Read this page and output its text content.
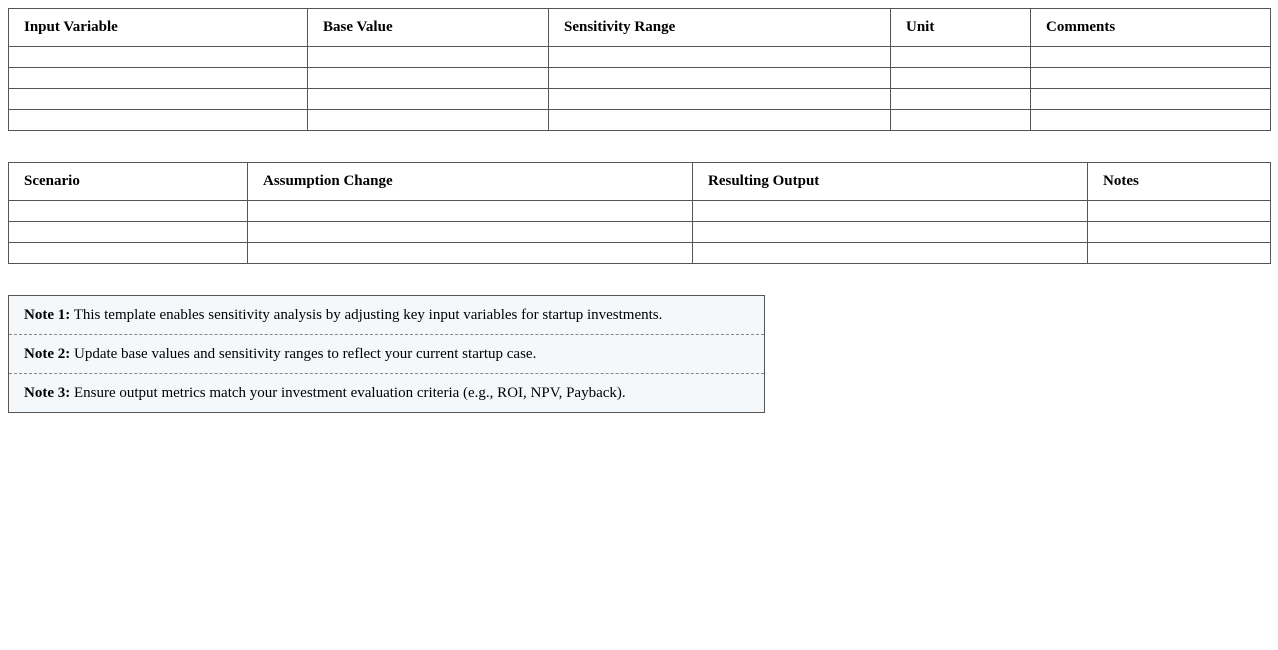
Input Variable	Base Value	Sensitivity Range	Unit	Comments

Scenario	Assumption Change	Resulting Output	Notes

Note 1: This template enables sensitivity analysis by adjusting key input variables for startup investments.
Note 2: Update base values and sensitivity ranges to reflect your current startup case.
Note 3: Ensure output metrics match your investment evaluation criteria (e.g., ROI, NPV, Payback).
